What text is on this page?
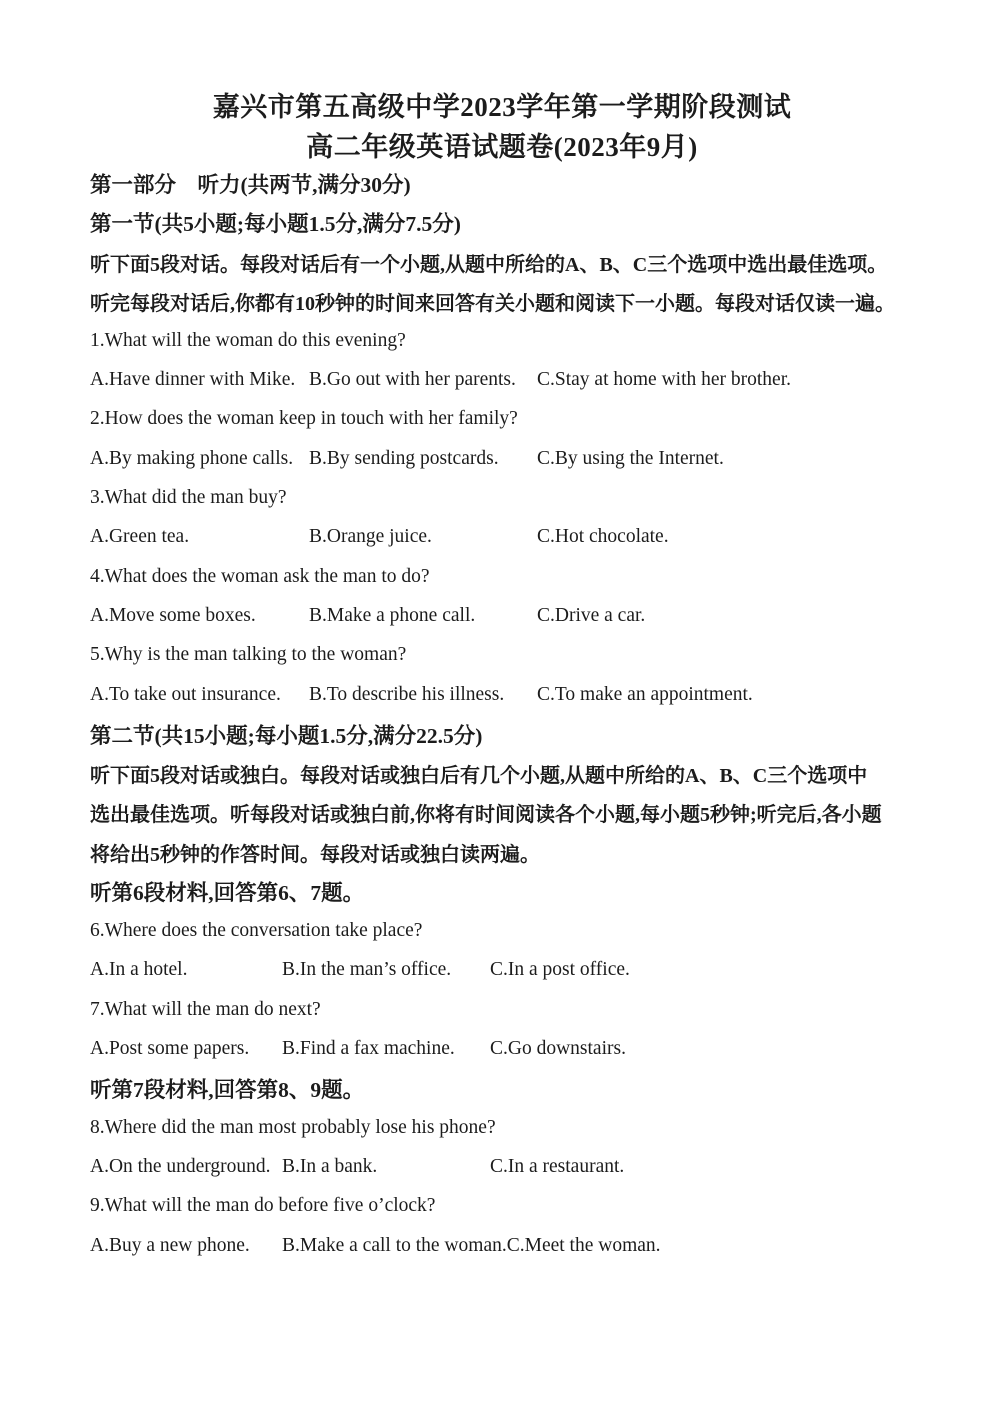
嘉兴市第五高级中学2023学年第一学期阶段测试
高二年级英语试题卷(2023年9月)
第一部分　听力(共两节,满分30分)
第一节(共5小题;每小题1.5分,满分7.5分)
听下面5段对话。每段对话后有一个小题,从题中所给的A、B、C三个选项中选出最佳选项。
听完每段对话后,你都有10秒钟的时间来回答有关小题和阅读下一小题。每段对话仅读一遍。
1.What will the woman do this evening?
A.Have dinner with Mike. B.Go out with her parents.	C.Stay at home with her brother.
2.How does the woman keep in touch with her family?
A.By making phone calls. B.By sending postcards.	C.By using the Internet.
3.What did the man buy?
A.Green tea.	B.Orange juice.	C.Hot chocolate.
4.What does the woman ask the man to do?
A.Move some boxes.	B.Make a phone call.	C.Drive a car.
5.Why is the man talking to the woman?
A.To take out insurance.	B.To describe his illness.	C.To make an appointment.
第二节(共15小题;每小题1.5分,满分22.5分)
听下面5段对话或独白。每段对话或独白后有几个小题,从题中所给的A、B、C三个选项中
选出最佳选项。听每段对话或独白前,你将有时间阅读各个小题,每小题5秒钟;听完后,各小题
将给出5秒钟的作答时间。每段对话或独白读两遍。
听第6段材料,回答第6、7题。
6.Where does the conversation take place?
A.In a hotel.	B.In the man’s office.	C.In a post office.
7.What will the man do next?
A.Post some papers.	B.Find a fax machine.	C.Go downstairs.
听第7段材料,回答第8、9题。
8.Where did the man most probably lose his phone?
A.On the underground. B.In a bank.	C.In a restaurant.
9.What will the man do before five o’clock?
A.Buy a new phone.	B.Make a call to the woman. C.Meet the woman.
